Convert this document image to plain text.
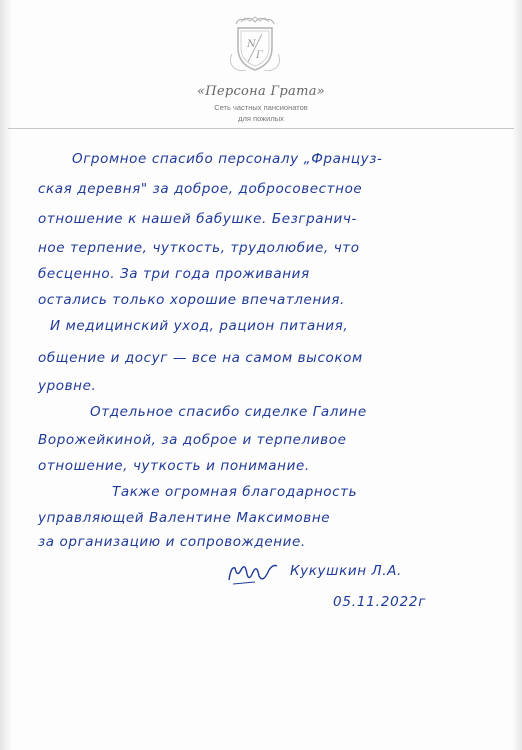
N
Г
«Персона Грата»
Сеть частных пансионатов
для пожилых
Огромное спасибо персоналу „Француз-
ская деревня" за доброе, добросовестное
отношение к нашей бабушке. Безгранич-
ное терпение, чуткость, трудолюбие, что
бесценно. За три года проживания
остались только хорошие впечатления.
И медицинский уход, рацион питания,
общение и досуг — все на самом высоком
уровне.
Отдельное спасибо сиделке Галине
Ворожейкиной, за доброе и терпеливое
отношение, чуткость и понимание.
Также огромная благодарность
управляющей Валентине Максимовне
за организацию и сопровождение.
Кукушкин Л.А.
05.11.2022г
